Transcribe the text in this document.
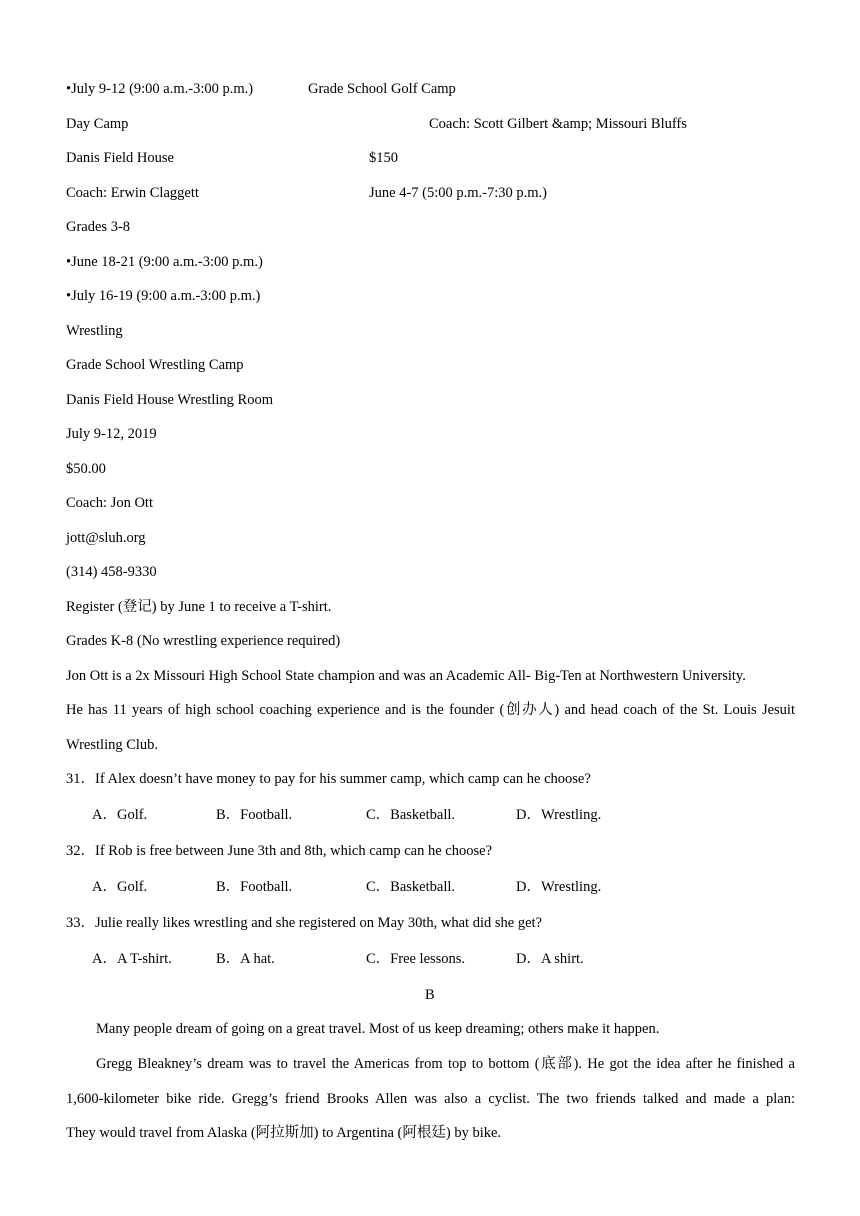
•July 9-12 (9:00 a.m.-3:00 p.m.)	Grade School Golf Camp
Day Camp	Coach: Scott Gilbert &amp; Missouri Bluffs
Danis Field House	$150
Coach: Erwin Claggett	June 4-7 (5:00 p.m.-7:30 p.m.)
Grades 3-8
•June 18-21 (9:00 a.m.-3:00 p.m.)
•July 16-19 (9:00 a.m.-3:00 p.m.)
Wrestling
Grade School Wrestling Camp
Danis Field House Wrestling Room
July 9-12, 2019
$50.00
Coach: Jon Ott
jott@sluh.org
(314) 458-9330
Register (登记) by June 1 to receive a T-shirt.
Grades K-8 (No wrestling experience required)
Jon Ott is a 2x Missouri High School State champion and was an Academic All- Big-Ten at Northwestern University.
He has 11 years of high school coaching experience and is the founder (创办人) and head coach of the St. Louis Jesuit
Wrestling Club.
31．If Alex doesn’t have money to pay for his summer camp, which camp can he choose?
A．Golf.	B．Football.	C．Basketball.	D．Wrestling.
32．If Rob is free between June 3th and 8th, which camp can he choose?
A．Golf.	B．Football.	C．Basketball.	D．Wrestling.
33．Julie really likes wrestling and she registered on May 30th, what did she get?
A．A T-shirt.	B．A hat.	C．Free lessons.	D．A shirt.
B
Many people dream of going on a great travel. Most of us keep dreaming; others make it happen.
Gregg Bleakney’s dream was to travel the Americas from top to bottom (底部). He got the idea after he finished a
1,600-kilometer bike ride. Gregg’s friend Brooks Allen was also a cyclist. The two friends talked and made a plan:
They would travel from Alaska (阿拉斯加) to Argentina (阿根廷) by bike.
